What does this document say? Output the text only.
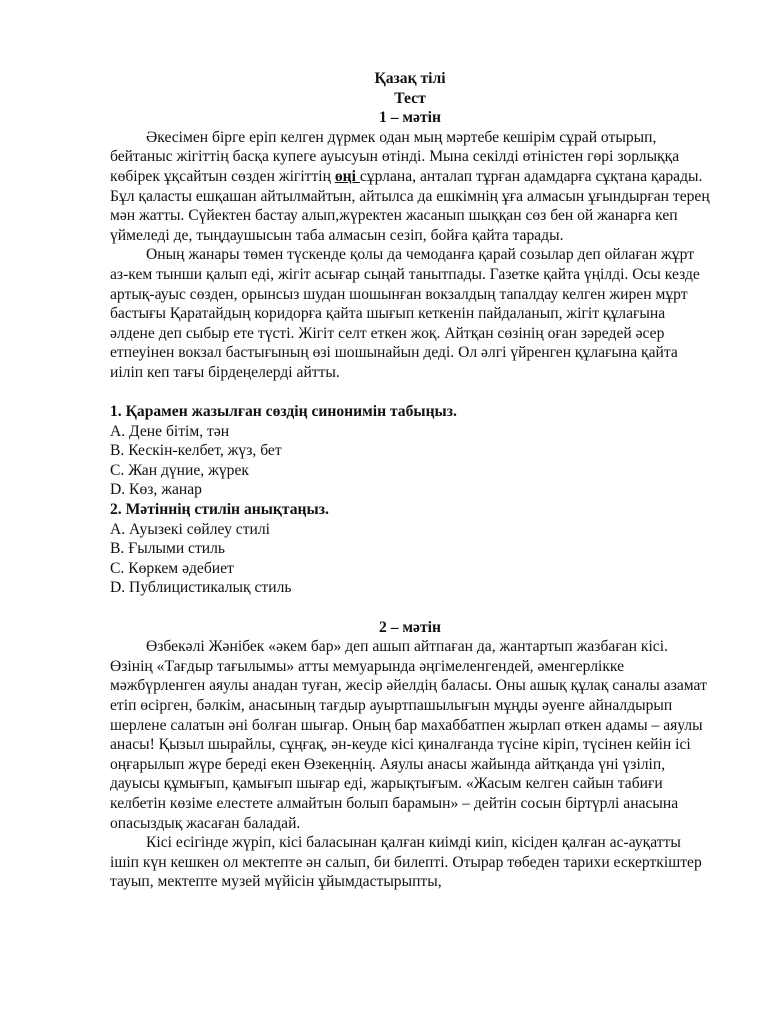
Қазақ тілі

Тест

1 – мәтін

Әкесімен бірге еріп келген дүрмек одан мың мәртебе кешірім сұрай отырып, бейтаныс жігіттің басқа купеге ауысуын өтінді. Мына секілді өтіністен гөрі зорлыққа көбірек ұқсайтын сөзден жігіттің өңі сұрлана, анталап тұрған адамдарға сұқтана қарады. Бұл қаласты ешқашан айтылмайтын, айтылса да ешкімнің ұға алмасын ұғындырған терең мән жатты. Сүйектен бастау алып,жүректен жасанып шыққан сөз бен ой жанарға кеп үймеледі де, тыңдаушысын таба алмасын сезіп, бойға қайта тарады.

Оның жанары төмен түскенде қолы да чемоданға қарай созылар деп ойлаған жұрт аз-кем тынши қалып еді, жігіт асығар сыңай танытпады. Газетке қайта үңілді. Осы кезде артық-ауыс сөзден, орынсыз шудан шошынған вокзалдың тапалдау келген жирен мұрт бастығы Қаратайдың коридорға қайта шығып кеткенін пайдаланып, жігіт құлағына әлдене деп сыбыр ете түсті. Жігіт селт еткен жоқ. Айтқан сөзінің оған зәредей әсер етпеуінен вокзал бастығының өзі шошынайын деді. Ол әлгі үйренген құлағына қайта иіліп кеп тағы бірдеңелерді айтты.

1. Қарамен жазылған сөздің синонимін табыңыз.

A. Дене бітім, тән

B. Кескін-келбет, жүз, бет

C. Жан дүние, жүрек

D. Көз, жанар

2. Мәтіннің стилін анықтаңыз.

A. Ауызекі сөйлеу стилі

B. Ғылыми стиль

C. Көркем әдебиет

D. Публицистикалық стиль

2 – мәтін

Өзбекәлі Жәнібек «әкем бар» деп ашып айтпаған да, жантартып жазбаған кісі. Өзінің «Тағдыр тағылымы» атты мемуарында әңгімеленгендей, әменгерлікке мәжбүрленген аяулы анадан туған, жесір әйелдің баласы. Оны ашық құлақ саналы азамат етіп өсірген, бәлкім, анасының тағдыр ауыртпашылығын мұңды әуенге айналдырып шерлене салатын әні болған шығар. Оның бар махаббатпен жырлап өткен адамы – аяулы анасы! Қызыл шырайлы, сұңғақ, ән-кеуде кісі қиналғанда түсіне кіріп, түсінен кейін ісі оңғарылып жүре береді екен Өзекеңнің. Аяулы анасы жайында айтқанда үні үзіліп, дауысы құмығып, қамығып шығар еді, жарықтығым. «Жасым келген сайын табиғи келбетін көзіме елестете алмайтын болып барамын» – дейтін сосын біртүрлі анасына опасыздық жасаған баладай.

Кісі есігінде жүріп, кісі баласынан қалған киімді киіп, кісіден қалған ас-ауқатты ішіп күн кешкен ол мектепте ән салып, би билепті. Отырар төбеден тарихи ескерткіштер тауып, мектепте музей мүйісін ұйымдастырыпты,
